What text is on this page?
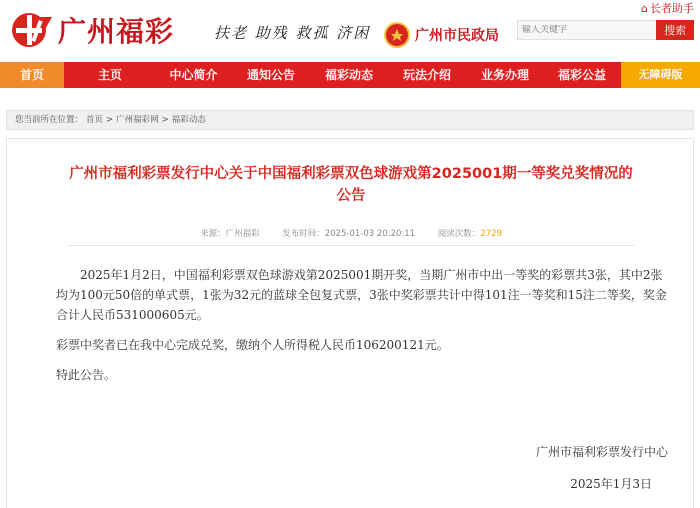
⌂ 长者助手
广州福彩	扶老 助残 救孤 济困	广州市民政局
输入关键字	搜索
首页	主页	中心简介	通知公告	福彩动态	玩法介绍	业务办理	福彩公益	无障碍版
您当前所在位置： 首页 > 广州福彩网 > 福彩动态
广州市福利彩票发行中心关于中国福利彩票双色球游戏第2025001期一等奖兑奖情况的公告
来源：广州福彩	发布时间：2025-01-03 20:20:11	阅读次数：2729

2025年1月2日，中国福利彩票双色球游戏第2025001期开奖，当期广州市中出一等奖的彩票共3张，其中2张均为100元50倍的单式票，1张为32元的蓝球全包复式票，3张中奖彩票共计中得101注一等奖和15注二等奖，奖金合计人民币531000605元。

彩票中奖者已在我中心完成兑奖，缴纳个人所得税人民币106200121元。

特此公告。

广州市福利彩票发行中心
2025年1月3日
